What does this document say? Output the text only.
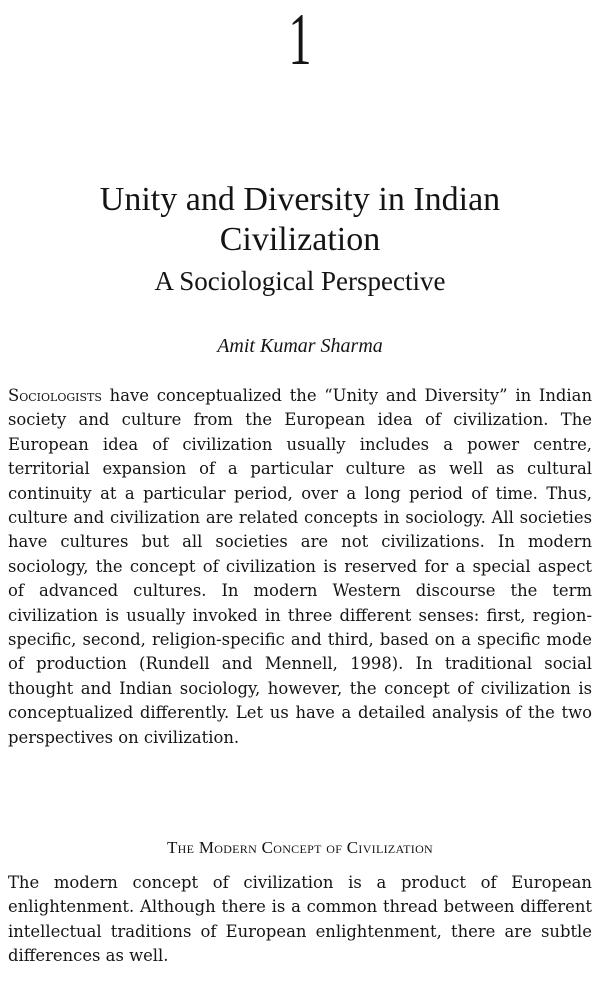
1
Unity and Diversity in Indian
Civilization
A Sociological Perspective
Amit Kumar Sharma

Sociologists have conceptualized the “Unity and Diversity” in Indian society and culture from the European idea of civilization. The European idea of civilization usually includes a power centre, territorial expansion of a particular culture as well as cultural continuity at a particular period, over a long period of time. Thus, culture and civilization are related concepts in sociology. All societies have cultures but all societies are not civilizations. In modern sociology, the concept of civilization is reserved for a special aspect of advanced cultures. In modern Western discourse the term civilization is usually invoked in three different senses: first, region-specific, second, religion-specific and third, based on a specific mode of production (Rundell and Mennell, 1998). In traditional social thought and Indian sociology, however, the concept of civilization is conceptualized differently. Let us have a detailed analysis of the two perspectives on civilization.

The Modern Concept of Civilization

The modern concept of civilization is a product of European enlightenment. Although there is a common thread between different intellectual traditions of European enlightenment, there are subtle differences as well.
